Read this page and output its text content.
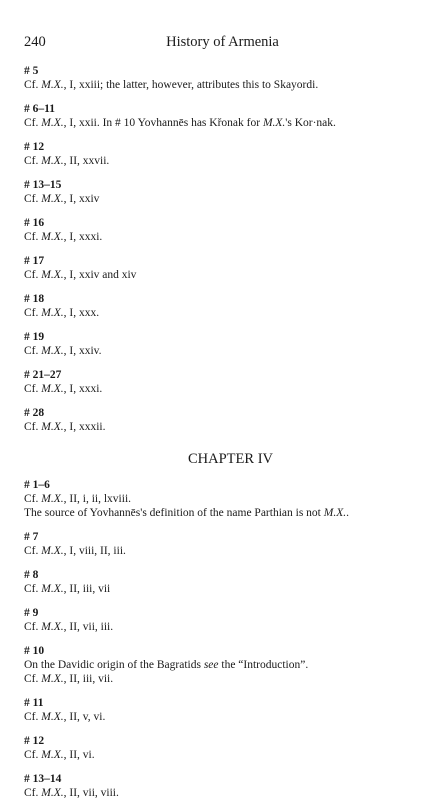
240	History of Armenia
# 5
Cf. M.X., I, xxiii; the latter, however, attributes this to Skayordi.
# 6–11
Cf. M.X., I, xxii. In # 10 Yovhannēs has Křonak for M.X.'s Kor·nak.
# 12
Cf. M.X., II, xxvii.
# 13–15
Cf. M.X., I, xxiv
# 16
Cf. M.X., I, xxxi.
# 17
Cf. M.X., I, xxiv and xiv
# 18
Cf. M.X., I, xxx.
# 19
Cf. M.X., I, xxiv.
# 21–27
Cf. M.X., I, xxxi.
# 28
Cf. M.X., I, xxxii.
CHAPTER IV
# 1–6
Cf. M.X., II, i, ii, lxviii.
The source of Yovhannēs's definition of the name Parthian is not M.X..
# 7
Cf. M.X., I, viii, II, iii.
# 8
Cf. M.X., II, iii, vii
# 9
Cf. M.X., II, vii, iii.
# 10
On the Davidic origin of the Bagratids see the “Introduction”.
Cf. M.X., II, iii, vii.
# 11
Cf. M.X., II, v, vi.
# 12
Cf. M.X., II, vi.
# 13–14
Cf. M.X., II, vii, viii.
